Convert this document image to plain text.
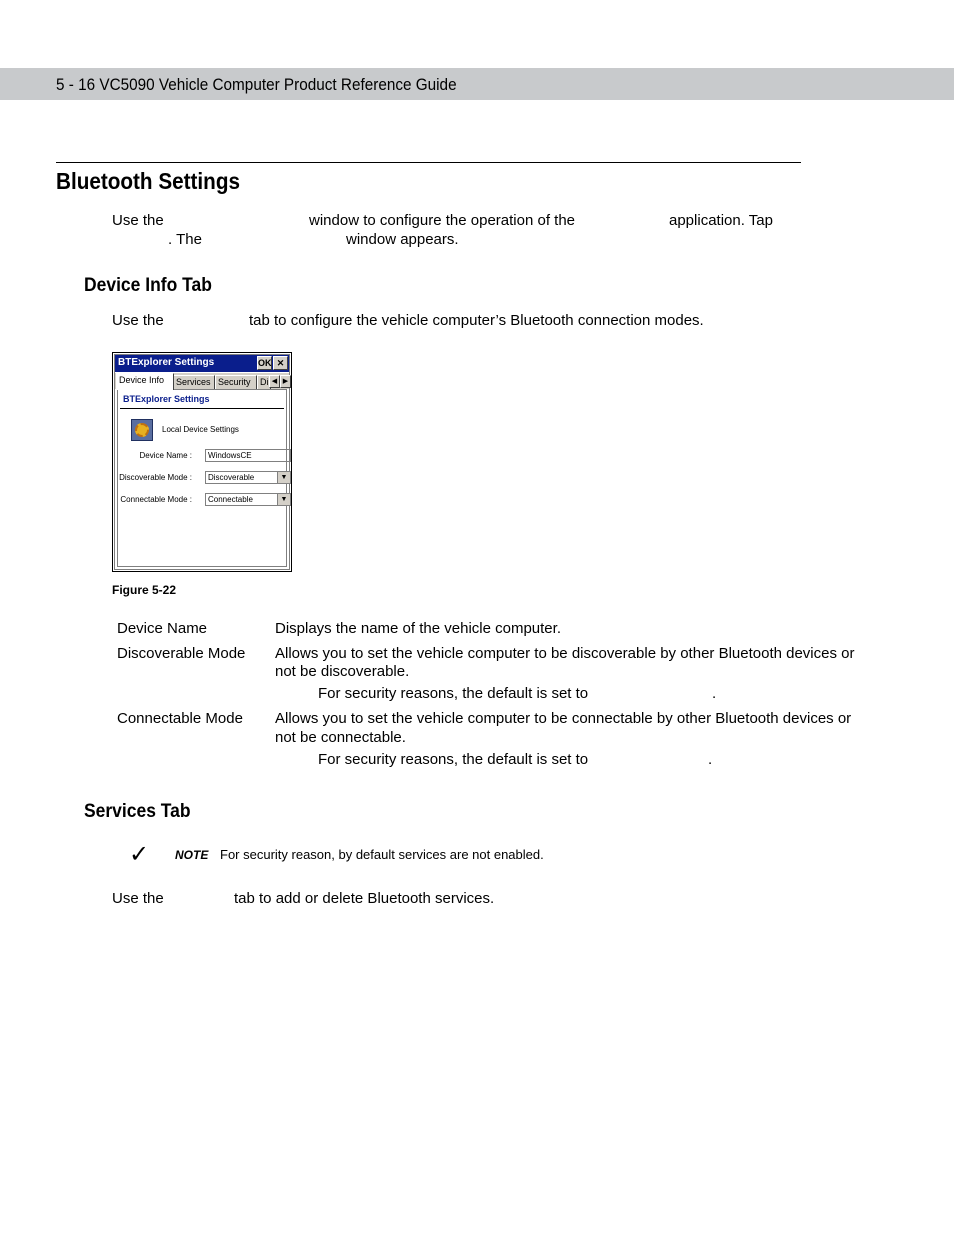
5 - 16 VC5090 Vehicle Computer Product Reference Guide
Bluetooth Settings
Use the	window to configure the operation of the	application. Tap
. The	window appears.
Device Info Tab
Use the	tab to configure the vehicle computer’s Bluetooth connection modes.
BTExplorer Settings	OK ✕
Device Info	Services Security	Di ◀ ▶
BTExplorer Settings
Local Device Settings
Device Name :	WindowsCE
Discoverable Mode :	Discoverable	▼
Connectable Mode :	Connectable	▼
Figure 5-22
Device Name	Displays the name of the vehicle computer.
Discoverable Mode Allows you to set the vehicle computer to be discoverable by other Bluetooth devices or
not be discoverable.
For security reasons, the default is set to	.
Connectable Mode Allows you to set the vehicle computer to be connectable by other Bluetooth devices or
not be connectable.
For security reasons, the default is set to	.
Services Tab
✓ NOTE For security reason, by default services are not enabled.
Use the	tab to add or delete Bluetooth services.
